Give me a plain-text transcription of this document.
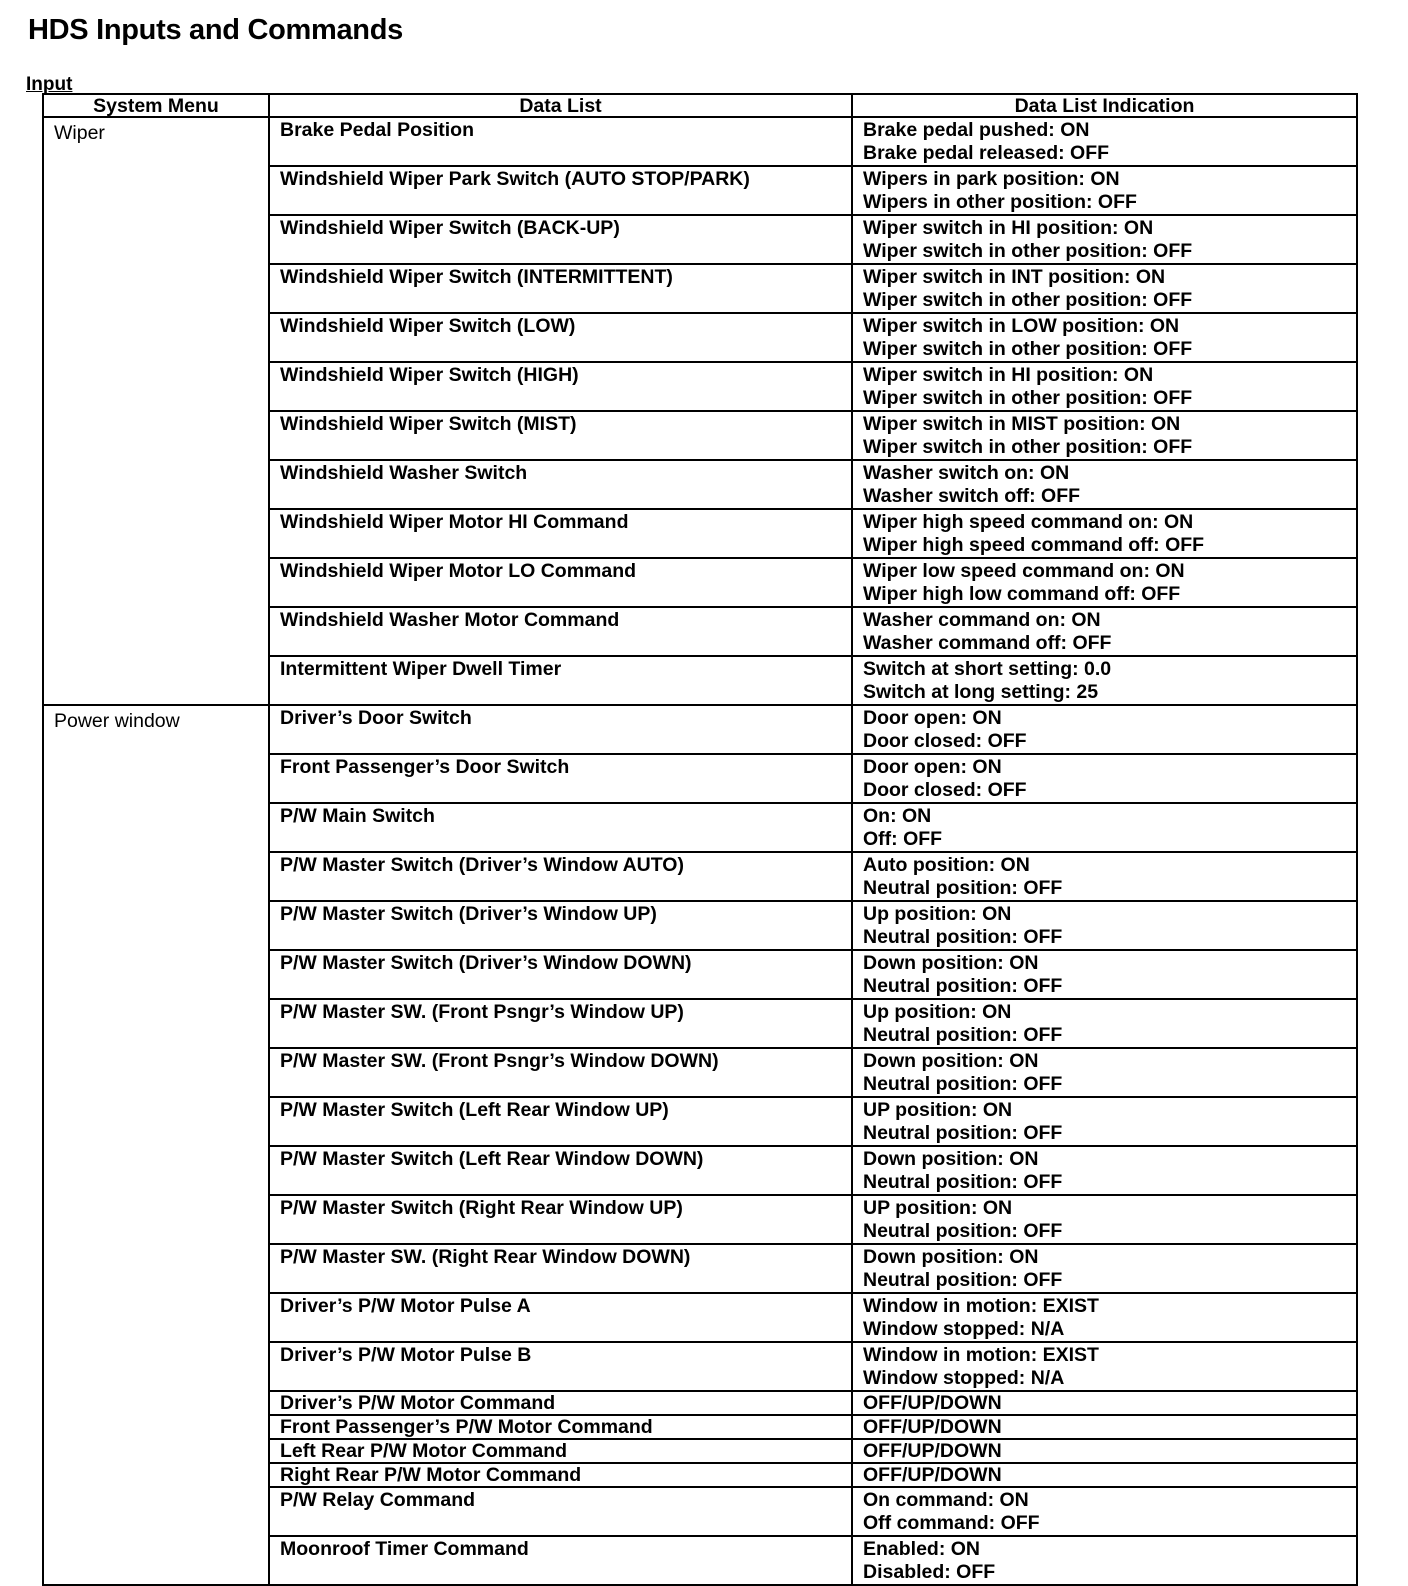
HDS Inputs and Commands
Input
System Menu	Data List	Data List Indication
Wiper	Brake Pedal Position	Brake pedal pushed: ON
Brake pedal released: OFF

	Windshield Wiper Park Switch (AUTO STOP/PARK)	Wipers in park position: ON
Wipers in other position: OFF

	Windshield Wiper Switch (BACK-UP)	Wiper switch in HI position: ON
Wiper switch in other position: OFF

	Windshield Wiper Switch (INTERMITTENT)	Wiper switch in INT position: ON
Wiper switch in other position: OFF

	Windshield Wiper Switch (LOW)	Wiper switch in LOW position: ON
Wiper switch in other position: OFF

	Windshield Wiper Switch (HIGH)	Wiper switch in HI position: ON
Wiper switch in other position: OFF

	Windshield Wiper Switch (MIST)	Wiper switch in MIST position: ON
Wiper switch in other position: OFF

	Windshield Washer Switch	Washer switch on: ON
Washer switch off: OFF

	Windshield Wiper Motor HI Command	Wiper high speed command on: ON
Wiper high speed command off: OFF

	Windshield Wiper Motor LO Command	Wiper low speed command on: ON
Wiper high low command off: OFF

	Windshield Washer Motor Command	Washer command on: ON
Washer command off: OFF

	Intermittent Wiper Dwell Timer	Switch at short setting: 0.0
Switch at long setting: 25

Power window	Driver’s Door Switch	Door open: ON
Door closed: OFF

	Front Passenger’s Door Switch	Door open: ON
Door closed: OFF

	P/W Main Switch	On: ON
Off: OFF

	P/W Master Switch (Driver’s Window AUTO)	Auto position: ON
Neutral position: OFF

	P/W Master Switch (Driver’s Window UP)	Up position: ON
Neutral position: OFF

	P/W Master Switch (Driver’s Window DOWN)	Down position: ON
Neutral position: OFF

	P/W Master SW. (Front Psngr’s Window UP)	Up position: ON
Neutral position: OFF

	P/W Master SW. (Front Psngr’s Window DOWN)	Down position: ON
Neutral position: OFF

	P/W Master Switch (Left Rear Window UP)	UP position: ON
Neutral position: OFF

	P/W Master Switch (Left Rear Window DOWN)	Down position: ON
Neutral position: OFF

	P/W Master Switch (Right Rear Window UP)	UP position: ON
Neutral position: OFF

	P/W Master SW. (Right Rear Window DOWN)	Down position: ON
Neutral position: OFF

	Driver’s P/W Motor Pulse A	Window in motion: EXIST
Window stopped: N/A

	Driver’s P/W Motor Pulse B	Window in motion: EXIST
Window stopped: N/A

	Driver’s P/W Motor Command	OFF/UP/DOWN

	Front Passenger’s P/W Motor Command	OFF/UP/DOWN

	Left Rear P/W Motor Command	OFF/UP/DOWN

	Right Rear P/W Motor Command	OFF/UP/DOWN

	P/W Relay Command	On command: ON
Off command: OFF

	Moonroof Timer Command	Enabled: ON
Disabled: OFF
